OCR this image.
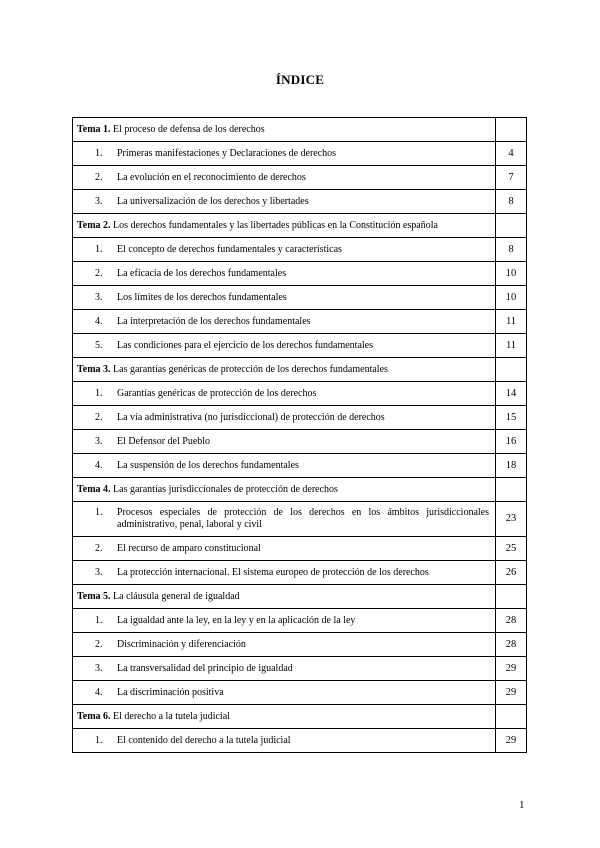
ÍNDICE
Tema 1. El proceso de defensa de los derechos	

1. Primeras manifestaciones y Declaraciones de derechos	4

2. La evolución en el reconocimiento de derechos	7

3. La universalización de los derechos y libertades	8
Tema 2. Los derechos fundamentales y las libertades públicas en la Constitución española	

1. El concepto de derechos fundamentales y características	8

2. La eficacia de los derechos fundamentales	10

3. Los límites de los derechos fundamentales	10

4. La interpretación de los derechos fundamentales	11

5. Las condiciones para el ejercicio de los derechos fundamentales	11
Tema 3. Las garantías genéricas de protección de los derechos fundamentales	

1. Garantías genéricas de protección de los derechos	14

2. La vía administrativa (no jurisdiccional) de protección de derechos	15

3. El Defensor del Pueblo	16

4. La suspensión de los derechos fundamentales	18
Tema 4. Las garantías jurisdiccionales de protección de derechos	

1. Procesos especiales de protección de los derechos en los ámbitos jurisdiccionales administrativo, penal, laboral y civil	23

2. El recurso de amparo constitucional	25

3. La protección internacional. El sistema europeo de protección de los derechos	26
Tema 5. La cláusula general de igualdad	

1. La igualdad ante la ley, en la ley y en la aplicación de la ley	28

2. Discriminación y diferenciación	28

3. La transversalidad del principio de igualdad	29

4. La discriminación positiva	29
Tema 6. El derecho a la tutela judicial	

1. El contenido del derecho a la tutela judicial	29
1
